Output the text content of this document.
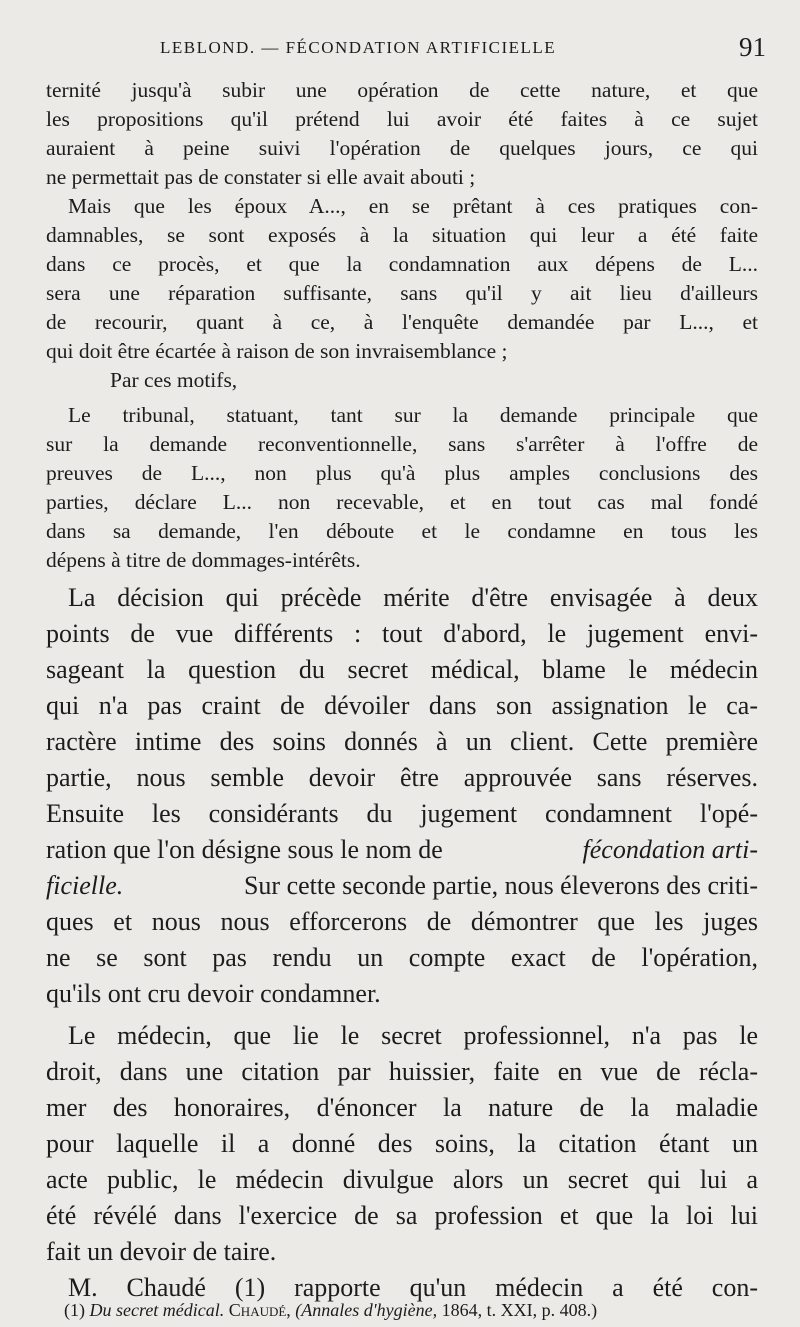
LEBLOND. — FÉCONDATION ARTIFICIELLE	91
ternité jusqu'à subir une opération de cette nature, et que
les propositions qu'il prétend lui avoir été faites à ce sujet
auraient à peine suivi l'opération de quelques jours, ce qui
ne permettait pas de constater si elle avait abouti ;
Mais que les époux A..., en se prêtant à ces pratiques con-
damnables, se sont exposés à la situation qui leur a été faite
dans ce procès, et que la condamnation aux dépens de L...
sera une réparation suffisante, sans qu'il y ait lieu d'ailleurs
de recourir, quant à ce, à l'enquête demandée par L..., et
qui doit être écartée à raison de son invraisemblance ;
Par ces motifs,
Le tribunal, statuant, tant sur la demande principale que
sur la demande reconventionnelle, sans s'arrêter à l'offre de
preuves de L..., non plus qu'à plus amples conclusions des
parties, déclare L... non recevable, et en tout cas mal fondé
dans sa demande, l'en déboute et le condamne en tous les
dépens à titre de dommages-intérêts.
La décision qui précède mérite d'être envisagée à deux
points de vue différents : tout d'abord, le jugement envi-
sageant la question du secret médical, blame le médecin
qui n'a pas craint de dévoiler dans son assignation le ca-
ractère intime des soins donnés à un client. Cette première
partie, nous semble devoir être approuvée sans réserves.
Ensuite les considérants du jugement condamnent l'opé-
ration que l'on désigne sous le nom de	fécondation arti-
ficielle.	Sur cette seconde partie, nous éleverons des criti-
ques et nous nous efforcerons de démontrer que les juges
ne se sont pas rendu un compte exact de l'opération,
qu'ils ont cru devoir condamner.
Le médecin, que lie le secret professionnel, n'a pas le
droit, dans une citation par huissier, faite en vue de récla-
mer des honoraires, d'énoncer la nature de la maladie
pour laquelle il a donné des soins, la citation étant un
acte public, le médecin divulgue alors un secret qui lui a
été révélé dans l'exercice de sa profession et que la loi lui
fait un devoir de taire.
M. Chaudé (1) rapporte qu'un médecin a été con-
(1) Du secret médical. Chaudé, (Annales d'hygiène, 1864, t. XXI, p. 408.)
